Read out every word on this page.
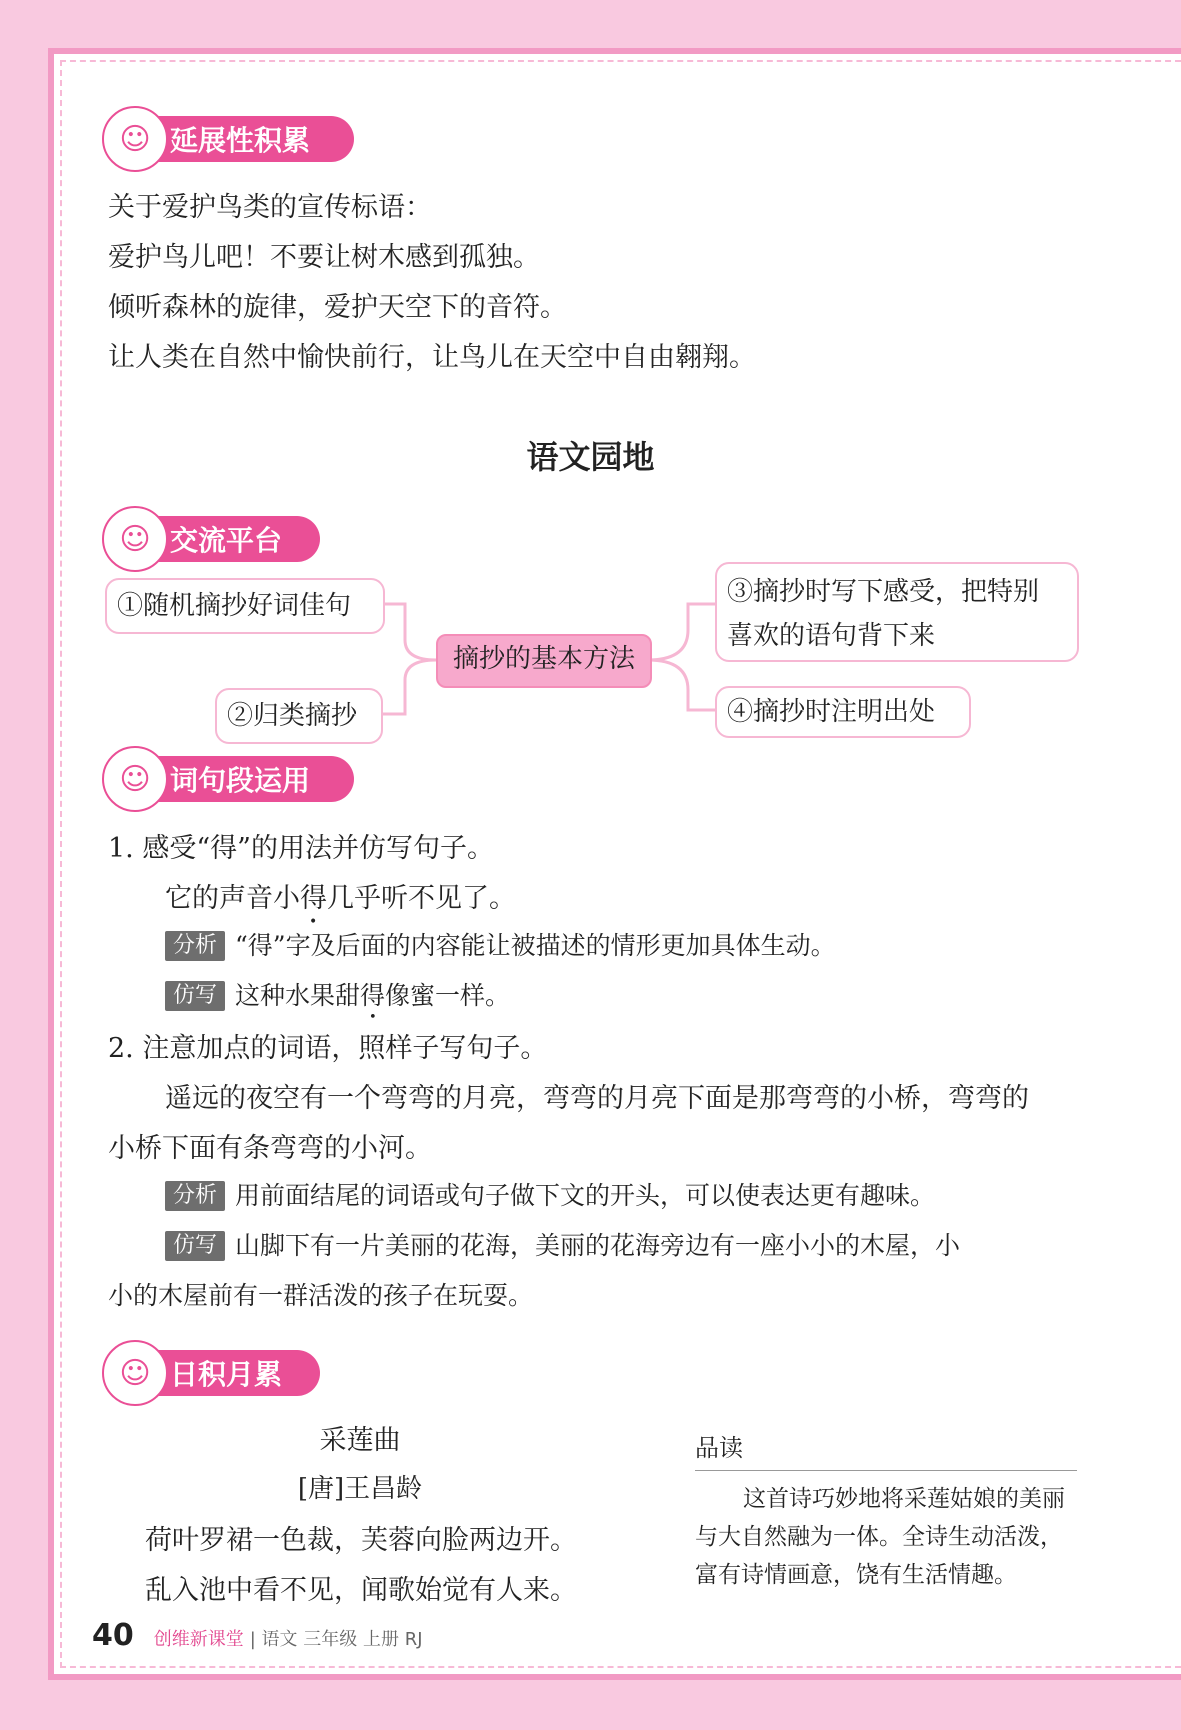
☺ 延展性积累
关于爱护鸟类的宣传标语：
爱护鸟儿吧！不要让树木感到孤独。
倾听森林的旋律，爱护天空下的音符。
让人类在自然中愉快前行，让鸟儿在天空中自由翱翔。
语文园地
☺ 交流平台
①随机摘抄好词佳句
②归类摘抄
摘抄的基本方法
③摘抄时写下感受，把特别
喜欢的语句背下来
④摘抄时注明出处
☺ 词句段运用
1. 感受“得”的用法并仿写句子。
它的声音小得几乎听不见了。
分析 “得”字及后面的内容能让被描述的情形更加具体生动。
仿写 这种水果甜得像蜜一样。
2. 注意加点的词语，照样子写句子。
遥远的夜空有一个弯弯的月亮，弯弯的月亮下面是那弯弯的小桥，弯弯的
小桥下面有条弯弯的小河。
分析 用前面结尾的词语或句子做下文的开头，可以使表达更有趣味。
仿写 山脚下有一片美丽的花海，美丽的花海旁边有一座小小的木屋，小
小的木屋前有一群活泼的孩子在玩耍。
☺ 日积月累
采莲曲
[唐]王昌龄
荷叶罗裙一色裁，芙蓉向脸两边开。
乱入池中看不见，闻歌始觉有人来。
品读
这首诗巧妙地将采莲姑娘的美丽与大自然融为一体。全诗生动活泼，富有诗情画意，饶有生活情趣。
40 创维新课堂 | 语文 三年级 上册 RJ
